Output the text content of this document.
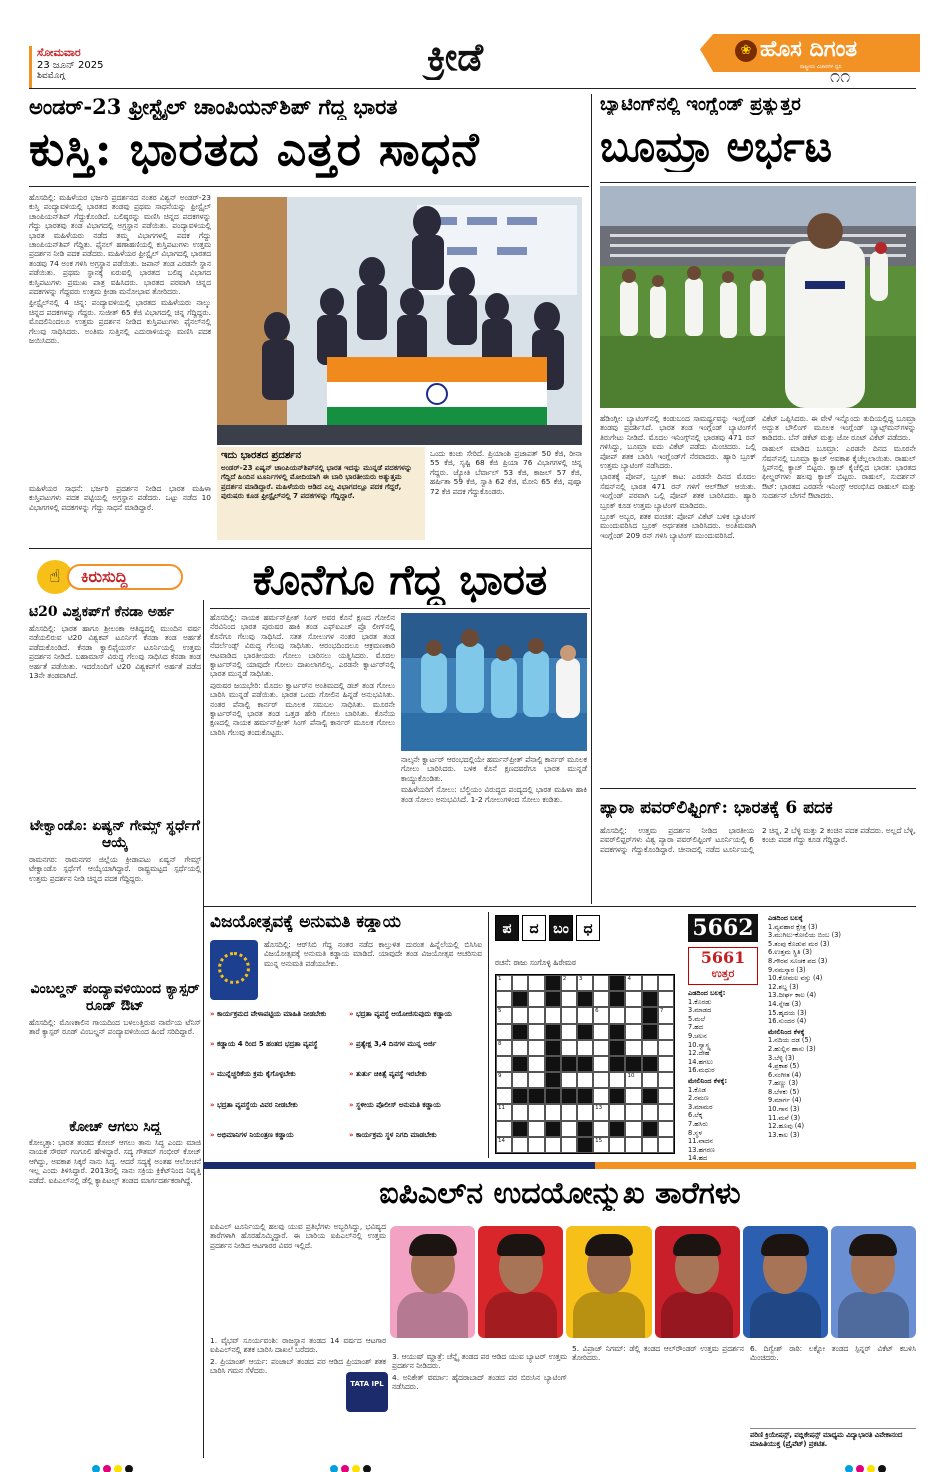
ಸೋಮವಾರ
23 ಜೂನ್ 2025
ಶಿವಮೊಗ್ಗ	ಕ್ರೀಡೆ	❀ ಹೊಸ ದಿಗಂತ
ರಾಷ್ಟ್ರೀಯ ವಿಚಾರಗಳ ಧ್ವನಿ
೧೧
ಅಂಡರ್-23 ಫ್ರೀಸ್ಟೈಲ್ ಚಾಂಪಿಯನ್‌ಶಿಪ್ ಗೆದ್ದ ಭಾರತ
ಕುಸ್ತಿ: ಭಾರತದ ಎತ್ತರ ಸಾಧನೆ
ಹೊಸದಿಲ್ಲಿ: ಮಹಿಳೆಯರ ಭರ್ಜರಿ ಪ್ರದರ್ಶನದ ನಂತರ ವಿಶ್ವನ್ ಅಂಡರ್-23 ಕುಸ್ತಿ ಪಂದ್ಯಾವಳಿಯಲ್ಲಿ ಭಾರತದ ತಂಡವು ಪ್ರಥಮ ಸಾಧನೆಯನ್ನು ಫ್ರೀಸ್ಟೈಲ್ ಚಾಂಪಿಯನ್‌ಶಿಪ್ ಗೆದ್ದುಕೊಂಡಿದೆ. ಬಲಿಷ್ಠರನ್ನು ಮಣಿಸಿ ಚಿನ್ನದ ಪದಕಗಳನ್ನು ಗೆದ್ದು ಭಾರತವು ತಂಡ ವಿಭಾಗದಲ್ಲಿ ಅಗ್ರಸ್ಥಾನ ಪಡೆಯಿತು. ಪಂದ್ಯಾವಳಿಯಲ್ಲಿ ಭಾರತ ಮಹಿಳೆಯರು ನಡೆದ ತಮ್ಮ ವಿಭಾಗಗಳಲ್ಲಿ ಪದಕ ಗೆದ್ದು ಚಾಂಪಿಯನ್‌ಶಿಪ್ ಗೆದ್ದಿತು. ಫೈನಲ್ ಹಣಾಹಣಿಯಲ್ಲಿ ಕುಸ್ತಿಪಟುಗಳು ಉತ್ತಮ ಪ್ರದರ್ಶನ ನೀಡಿ ಪದಕ ಪಡೆದರು. ಮಹಿಳೆಯರ ಫ್ರೀಸ್ಟೈಲ್ ವಿಭಾಗದಲ್ಲಿ ಭಾರತದ ತಂಡವು 74 ಅಂಕ ಗಳಿಸಿ ಅಗ್ರಸ್ಥಾನ ಪಡೆಯಿತು. ಜಪಾನ್ ತಂಡ ಎರಡನೇ ಸ್ಥಾನ ಪಡೆಯಿತು. ಪ್ರಥಮ ಸ್ಥಾನಕ್ಕೆ ಏರುವಲ್ಲಿ ಭಾರತದ ಬಲಿಷ್ಠ ವಿಭಾಗದ ಕುಸ್ತಿಪಟುಗಳು ಪ್ರಮುಖ ಪಾತ್ರ ವಹಿಸಿದರು. ಭಾರತದ ಪರವಾಗಿ ಚಿನ್ನದ ಪದಕಗಳನ್ನು ಗೆದ್ದವರು ಉತ್ತಮ ಕ್ರೀಡಾ ಮನೋಭಾವ ತೋರಿದರು.
ಫ್ರೀಸ್ಟೈಲ್‌ನಲ್ಲಿ 4 ಚಿನ್ನ: ಪಂದ್ಯಾವಳಿಯಲ್ಲಿ ಭಾರತದ ಮಹಿಳೆಯರು ನಾಲ್ಕು ಚಿನ್ನದ ಪದಕಗಳನ್ನು ಗೆದ್ದರು. ಸುಜೀತ್ 65 ಕೆಜಿ ವಿಭಾಗದಲ್ಲಿ ಚಿನ್ನ ಗೆದ್ದಿದ್ದರು. ಮೊದಲಿನಿಂದಲೂ ಉತ್ತಮ ಪ್ರದರ್ಶನ ನೀಡಿದ ಕುಸ್ತಿಪಟುಗಳು ಫೈನಲ್‌ನಲ್ಲಿ ಗೆಲುವು ಸಾಧಿಸಿದರು. ಅಂತಿಮ ಸುತ್ತಿನಲ್ಲಿ ಎದುರಾಳಿಯನ್ನು ಮಣಿಸಿ ಪದಕ ಜಯಿಸಿದರು.
ಮಹಿಳೆಯರ ಸಾಧನೆ: ಭರ್ಜರಿ ಪ್ರದರ್ಶನ ನೀಡಿದ ಭಾರತ ಮಹಿಳಾ ಕುಸ್ತಿಪಟುಗಳು ಪದಕ ಪಟ್ಟಿಯಲ್ಲಿ ಅಗ್ರಸ್ಥಾನ ಪಡೆದರು. ಒಟ್ಟು ನಡೆದ 10 ವಿಭಾಗಗಳಲ್ಲಿ ಪದಕಗಳನ್ನು ಗೆದ್ದು ಸಾಧನೆ ಮಾಡಿದ್ದಾರೆ.
ಇದು ಭಾರತದ ಪ್ರದರ್ಶನ
ಅಂಡರ್-23 ಏಷ್ಯನ್ ಚಾಂಪಿಯನ್‌ಶಿಪ್‌ನಲ್ಲಿ ಭಾರತ ಇದನ್ನು ಮುನ್ನಡೆ ಪದಕಗಳನ್ನು ಗೆದ್ದಿದೆ ಹಿಂದಿನ ಟೂರ್ನಿಗಳಲ್ಲಿ ಮೋದಿಯಾಗಿ ಈ ಬಾರಿ ಭಾರತೀಯರು ಅತ್ಯುತ್ತಮ ಪ್ರದರ್ಶನ ಮಾಡಿದ್ದಾರೆ. ಮಹಿಳೆಯರು ಆಡಿದ ಎಲ್ಲ ವಿಭಾಗದಲ್ಲೂ ಪದಕ ಗೆದ್ದರೆ, ಪುರುಷರು ಕೂಡ ಫ್ರೀಸ್ಟೈಲ್‌ನಲ್ಲಿ 7 ಪದಕಗಳನ್ನು ಗೆದ್ದಿದ್ದಾರೆ.
ಒಂದು ಕಂಚು ಸೇರಿದೆ. ಪ್ರಿಯಾಂಶಿ ಪ್ರಜಾಪತ್ 50 ಕೆಜಿ, ರೀನಾ 55 ಕೆಜಿ, ಸೃಷ್ಟಿ 68 ಕೆಜಿ ಪ್ರಿಯಾ 76 ವಿಭಾಗಗಳಲ್ಲಿ ಚಿನ್ನ ಗೆದ್ದರು. ಜ್ಯೋತಿ ಬೆರ್ವಾಲ್ 53 ಕೆಜಿ, ಕಾಜಲ್ 57 ಕೆಜಿ, ಹರ್ಷಿತಾ 59 ಕೆಜಿ, ಸ್ವಾತಿ 62 ಕೆಜಿ, ಮೋನಿ 65 ಕೆಜಿ, ಪುಷ್ಪಾ 72 ಕೆಜಿ ಪದಕ ಗೆದ್ದುಕೊಂಡರು.
ಬ್ಯಾಟಿಂಗ್‌ನಲ್ಲಿ ಇಂಗ್ಲೆಂಡ್ ಪ್ರತ್ಯುತ್ತರ
ಬೂಮ್ರಾ ಅರ್ಭಟ
ಹೆಡಿಂಗ್ಲೀ: ಬ್ಯಾಟಿಂಗ್‌ನಲ್ಲಿ ಕಂಡುಬಂದ ಸಾಮರ್ಥ್ಯವನ್ನು ಇಂಗ್ಲೆಂಡ್ ತಂಡವು ಪ್ರದರ್ಶಿಸಿದೆ. ಭಾರತ ತಂಡ ಇಂಗ್ಲೆಂಡ್ ಬ್ಯಾಟಿಂಗ್‌ಗೆ ತಿರುಗೇಟು ನೀಡಿದೆ. ಮೊದಲ ಇನಿಂಗ್ಸ್‌ನಲ್ಲಿ ಭಾರತವು 471 ರನ್ ಗಳಿಸಿದ್ದು, ಬೂಮ್ರಾ ಐದು ವಿಕೆಟ್ ಪಡೆದು ಮಿಂಚಿದರು. ಒಲ್ಲಿ ಪೋಪ್ ಶತಕ ಬಾರಿಸಿ ಇಂಗ್ಲೆಂಡ್‌ಗೆ ನೆರವಾದರು. ಹ್ಯಾರಿ ಬ್ರೂಕ್ ಉತ್ತಮ ಬ್ಯಾಟಿಂಗ್ ನಡೆಸಿದರು.
ಭಾರತಕ್ಕೆ ಪೋಪ್, ಬ್ರೂಕ್ ಕಾಟ: ಎರಡನೇ ದಿನದ ಮೊದಲ ಸೆಷನ್‌ನಲ್ಲಿ ಭಾರತ 471 ರನ್ ಗಳಿಗೆ ಆಲ್‌ಔಟ್ ಆಯಿತು. ಇಂಗ್ಲೆಂಡ್ ಪರವಾಗಿ ಒಲ್ಲಿ ಪೋಪ್ ಶತಕ ಬಾರಿಸಿದರು. ಹ್ಯಾರಿ ಬ್ರೂಕ್ ಕೂಡ ಉತ್ತಮ ಬ್ಯಾಟಿಂಗ್ ಮಾಡಿದರು.
ಬ್ರೂಕ್ ಅಬ್ಬರ, ಶತಕ ವಂಚಿತ: ಪೋಪ್ ವಿಕೆಟ್ ಬಳಿಕ ಬ್ಯಾಟಿಂಗ್ ಮುಂದುವರಿಸಿದ ಬ್ರೂಕ್ ಅರ್ಧಶತಕ ಬಾರಿಸಿದರು. ಅಂತಿಮವಾಗಿ ಇಂಗ್ಲೆಂಡ್ 209 ರನ್ ಗಳಿಸಿ ಬ್ಯಾಟಿಂಗ್ ಮುಂದುವರಿಸಿದೆ.
ವಿಕೆಟ್ ಒಪ್ಪಿಸಿದರು. ಈ ವೇಳೆ ಇನ್ನೊಂದು ತುದಿಯಲ್ಲಿದ್ದ ಬೂಮ್ರಾ ಅದ್ಭುತ ಬೌಲಿಂಗ್ ಮೂಲಕ ಇಂಗ್ಲೆಂಡ್ ಬ್ಯಾಟ್ಸ್‌ಮನ್‌ಗಳನ್ನು ಕಾಡಿದರು. ಬೆನ್ ಡಕೆಟ್ ಮತ್ತು ಜೋ ರೂಟ್ ವಿಕೆಟ್ ಪಡೆದರು.
ರಾಹುಲ್ ಮಾಡಿದ ಬೂಮ್ರಾ: ಎರಡನೇ ದಿನದ ಮೂರನೇ ಸೆಷನ್‌ನಲ್ಲಿ ಬೂಮ್ರಾ ಕ್ಯಾಚ್ ಅವಕಾಶ ಕೈಚೆಲ್ಲಲಾಯಿತು. ರಾಹುಲ್ ಸ್ಲಿಪ್‌ನಲ್ಲಿ ಕ್ಯಾಚ್ ಬಿಟ್ಟರು. ಕ್ಯಾಚ್ ಕೈಚೆಲ್ಲಿದ ಭಾರತ: ಭಾರತದ ಫೀಲ್ಡರ್‌ಗಳು ಹಲವು ಕ್ಯಾಚ್ ಬಿಟ್ಟರು. ರಾಹುಲ್, ಸುದರ್ಶನ್ ಔಟ್: ಭಾರತದ ಎರಡನೇ ಇನಿಂಗ್ಸ್ ಆರಂಭಿಸಿದ ರಾಹುಲ್ ಮತ್ತು ಸುದರ್ಶನ್ ಬೇಗನೆ ಔಟಾದರು.
ಪ್ಯಾರಾ ಪವರ್‌ಲಿಫ್ಟಿಂಗ್: ಭಾರತಕ್ಕೆ 6 ಪದಕ
ಹೊಸದಿಲ್ಲಿ: ಉತ್ತಮ ಪ್ರದರ್ಶನ ನೀಡಿದ ಭಾರತೀಯ ಪವರ್‌ಲಿಫ್ಟರ್‌ಗಳು ವಿಶ್ವ ಪ್ಯಾರಾ ಪವರ್‌ಲಿಫ್ಟಿಂಗ್ ಟೂರ್ನಿಯಲ್ಲಿ 6 ಪದಕಗಳನ್ನು ಗೆದ್ದುಕೊಂಡಿದ್ದಾರೆ. ಚೀನಾದಲ್ಲಿ ನಡೆದ ಟೂರ್ನಿಯಲ್ಲಿ 2 ಚಿನ್ನ, 2 ಬೆಳ್ಳಿ ಮತ್ತು 2 ಕಂಚಿನ ಪದಕ ಪಡೆದರು. ಅಲ್ಲದೆ ಬೆಳ್ಳಿ, ಕಂಚು ಪದಕ ಗೆದ್ದು ಕೂಡ ಗೆದ್ದಿದ್ದಾರೆ.
☝	ಕಿರುಸುದ್ದಿ
ಟಿ20 ವಿಶ್ವಕಪ್‌ಗೆ ಕೆನಡಾ ಅರ್ಹ
ಹೊಸದಿಲ್ಲಿ: ಭಾರತ ಹಾಗೂ ಶ್ರೀಲಂಕಾ ಆತಿಥ್ಯದಲ್ಲಿ ಮುಂದಿನ ವರ್ಷ ನಡೆಯಲಿರುವ ಟಿ20 ವಿಶ್ವಕಪ್ ಟೂರ್ನಿಗೆ ಕೆನಡಾ ತಂಡ ಅರ್ಹತೆ ಪಡೆದುಕೊಂಡಿದೆ. ಕೆನಡಾ ಕ್ವಾಲಿಫೈಯರ್ಸ್ ಟೂರ್ನಿಯಲ್ಲಿ ಉತ್ತಮ ಪ್ರದರ್ಶನ ನೀಡಿದೆ. ಬಹಾಮಾಸ್ ವಿರುದ್ಧ ಗೆಲುವು ಸಾಧಿಸಿದ ಕೆನಡಾ ತಂಡ ಅರ್ಹತೆ ಪಡೆಯಿತು. ಇದರೊಂದಿಗೆ ಟಿ20 ವಿಶ್ವಕಪ್‌ಗೆ ಅರ್ಹತೆ ಪಡೆದ 13ನೇ ತಂಡವಾಗಿದೆ.
ಟೇಕ್ವಾಂಡೊ: ಏಷ್ಯನ್ ಗೇಮ್ಸ್ ಸ್ಥರ್ಧೆಗೆ ಆಯ್ಕೆ
ರಾಮನಗರ: ರಾಮನಗರ ಜಿಲ್ಲೆಯ ಕ್ರೀಡಾಪಟು ಏಷ್ಯನ್ ಗೇಮ್ಸ್ ಟೇಕ್ವಾಂಡೊ ಸ್ಪರ್ಧೆಗೆ ಆಯ್ಕೆಯಾಗಿದ್ದಾರೆ. ರಾಷ್ಟ್ರಮಟ್ಟದ ಸ್ಪರ್ಧೆಯಲ್ಲಿ ಉತ್ತಮ ಪ್ರದರ್ಶನ ನೀಡಿ ಚಿನ್ನದ ಪದಕ ಗೆದ್ದಿದ್ದರು.
ವಿಂಬಲ್ಡನ್ ಪಂದ್ಯಾವಳಿಯಿಂದ ಕ್ಯಾಸ್ಪರ್ ರೂಡ್ ಔಟ್
ಹೊಸದಿಲ್ಲಿ: ಮೊಣಕಾಲಿನ ಗಾಯದಿಂದ ಬಳಲುತ್ತಿರುವ ನಾರ್ವೆಯ ಟೆನಿಸ್ ತಾರೆ ಕ್ಯಾಸ್ಪರ್ ರೂಡ್ ವಿಂಬಲ್ಡನ್ ಪಂದ್ಯಾವಳಿಯಿಂದ ಹಿಂದೆ ಸರಿದಿದ್ದಾರೆ.
ಕೋಚ್ ಆಗಲು ಸಿದ್ಧ
ಕೋಲ್ಕತ್ತಾ: ಭಾರತ ತಂಡದ ಕೋಚ್ ಆಗಲು ತಾನು ಸಿದ್ಧ ಎಂದು ಮಾಜಿ ನಾಯಕ ಸೌರವ್ ಗಂಗೂಲಿ ಹೇಳಿದ್ದಾರೆ. ಸದ್ಯ ಗೌತಮ್ ಗಂಭೀರ್ ಕೋಚ್ ಆಗಿದ್ದು, ಅವಕಾಶ ಸಿಕ್ಕರೆ ನಾನು ಸಿದ್ಧ. ಆದರೆ ಸದ್ಯಕ್ಕೆ ಅಂತಹ ಆಲೋಚನೆ ಇಲ್ಲ ಎಂದು ತಿಳಿಸಿದ್ದಾರೆ. 2013ರಲ್ಲಿ ನಾನು ಸಕ್ರಿಯ ಕ್ರಿಕೆಟ್‌ನಿಂದ ನಿವೃತ್ತಿ ಪಡೆದೆ. ಐಪಿಎಲ್‌ನಲ್ಲಿ ಡೆಲ್ಲಿ ಕ್ಯಾಪಿಟಲ್ಸ್ ತಂಡದ ಮಾರ್ಗದರ್ಶಕರಾಗಿದ್ದೆ.
ಕೊನೆಗೂ ಗೆದ್ದ ಭಾರತ
ಹೊಸದಿಲ್ಲಿ: ನಾಯಕ ಹರ್ಮನ್‌ಪ್ರೀತ್ ಸಿಂಗ್ ಅವರ ಕೊನೆ ಕ್ಷಣದ ಗೋಲಿನ ನೆರವಿನಿಂದ ಭಾರತ ಪುರುಷರ ಹಾಕಿ ತಂಡ ಎಫ್ಐಎಚ್ ಪ್ರೊ ಲೀಗ್‌ನಲ್ಲಿ ಕೊನೆಗೂ ಗೆಲುವು ಸಾಧಿಸಿದೆ. ಸತತ ಸೋಲುಗಳ ನಂತರ ಭಾರತ ತಂಡ ನೆದರ್ಲೆಂಡ್ಸ್ ವಿರುದ್ಧ ಗೆಲುವು ಸಾಧಿಸಿತು. ಆರಂಭದಿಂದಲೂ ಆಕ್ರಮಣಕಾರಿ ಆಟವಾಡಿದ ಭಾರತೀಯರು ಗೋಲು ಬಾರಿಸಲು ಯತ್ನಿಸಿದರು. ಮೊದಲ ಕ್ವಾರ್ಟರ್‌ನಲ್ಲಿ ಯಾವುದೇ ಗೋಲು ದಾಖಲಾಗಲಿಲ್ಲ. ಎರಡನೇ ಕ್ವಾರ್ಟರ್‌ನಲ್ಲಿ ಭಾರತ ಮುನ್ನಡೆ ಸಾಧಿಸಿತು.
ಪುರುಷರ ಜಯಭೇರಿ: ಮೊದಲ ಕ್ವಾರ್ಟರ್‌ನ ಅಂತಿಮದಲ್ಲಿ ಡಚ್ ತಂಡ ಗೋಲು ಬಾರಿಸಿ ಮುನ್ನಡೆ ಪಡೆಯಿತು. ಭಾರತ ಒಂದು ಗೋಲಿನ ಹಿನ್ನಡೆ ಅನುಭವಿಸಿತು. ನಂತರ ಪೆನಾಲ್ಟಿ ಕಾರ್ನರ್ ಮೂಲಕ ಸಮಬಲ ಸಾಧಿಸಿತು. ಮೂರನೇ ಕ್ವಾರ್ಟರ್‌ನಲ್ಲಿ ಭಾರತ ತಂಡ ಒತ್ತಡ ಹೇರಿ ಗೋಲು ಬಾರಿಸಿತು. ಕೊನೆಯ ಕ್ಷಣದಲ್ಲಿ ನಾಯಕ ಹರ್ಮನ್‌ಪ್ರೀತ್ ಸಿಂಗ್ ಪೆನಾಲ್ಟಿ ಕಾರ್ನರ್ ಮೂಲಕ ಗೋಲು ಬಾರಿಸಿ ಗೆಲುವು ತಂದುಕೊಟ್ಟರು.
ನಾಲ್ಕನೇ ಕ್ವಾರ್ಟರ್ ಆರಂಭದಲ್ಲಿಯೇ ಹರ್ಮನ್‌ಪ್ರೀತ್ ಪೆನಾಲ್ಟಿ ಕಾರ್ನರ್ ಮೂಲಕ ಗೋಲು ಬಾರಿಸಿದರು. ಬಳಿಕ ಕೊನೆ ಕ್ಷಣದವರೆಗೂ ಭಾರತ ಮುನ್ನಡೆ ಕಾಯ್ದುಕೊಂಡಿತು.
ಮಹಿಳೆಯರಿಗೆ ಸೋಲು: ಬೆಲ್ಜಿಯಂ ವಿರುದ್ಧದ ಪಂದ್ಯದಲ್ಲಿ ಭಾರತ ಮಹಿಳಾ ಹಾಕಿ ತಂಡ ಸೋಲು ಅನುಭವಿಸಿದೆ. 1-2 ಗೋಲುಗಳಿಂದ ಸೋಲು ಕಂಡಿತು.
ವಿಜಯೋತ್ಸವಕ್ಕೆ ಅನುಮತಿ ಕಡ್ಡಾಯ
ಹೊಸದಿಲ್ಲಿ: ಆರ್‌ಸಿಬಿ ಗೆದ್ದ ನಂತರ ನಡೆದ ಕಾಲ್ತುಳಿತ ದುರಂತ ಹಿನ್ನೆಲೆಯಲ್ಲಿ ಬಿಸಿಸಿಐ ವಿಜಯೋತ್ಸವಕ್ಕೆ ಅನುಮತಿ ಕಡ್ಡಾಯ ಮಾಡಿದೆ. ಯಾವುದೇ ತಂಡ ವಿಜಯೋತ್ಸವ ಆಚರಿಸುವ ಮುನ್ನ ಅನುಮತಿ ಪಡೆಯಬೇಕು.
» ಕಾರ್ಯಕ್ರಮದ ವೇಳಾಪಟ್ಟಿಯ ಮಾಹಿತಿ ನೀಡಬೇಕು	» ಭದ್ರತಾ ವ್ಯವಸ್ಥೆ ಆಯೋಜಿಸುವುದು ಕಡ್ಡಾಯ
» ಕಡ್ಡಾಯ 4 ರಿಂದ 5 ಹಂತದ ಭದ್ರತಾ ವ್ಯವಸ್ಥೆ	» ಪ್ರತ್ಯೇಕ್ಷ 3,4 ದಿನಗಳ ಮುನ್ನ ಅರ್ಜಿ
» ಮುನ್ನೆಚ್ಚರಿಕೆಯ ಕ್ರಮ ಕೈಗೊಳ್ಳಬೇಕು	» ತುರ್ತು ಚಿಕಿತ್ಸೆ ವ್ಯವಸ್ಥೆ ಇರಬೇಕು
» ಭದ್ರತಾ ವ್ಯವಸ್ಥೆಯ ವಿವರ ನೀಡಬೇಕು	» ಸ್ಥಳೀಯ ಪೊಲೀಸ್ ಅನುಮತಿ ಕಡ್ಡಾಯ
» ಅಭಿಮಾನಿಗಳ ನಿಯಂತ್ರಣ ಕಡ್ಡಾಯ	» ಕಾರ್ಯಕ್ರಮ ಸ್ಥಳ ನಿಗದಿ ಮಾಡಬೇಕು
ಪ	ದ	ಬಂ	ಧ
ರಚನೆ: ರಾಜು ಸಂಗೊಳ್ಳಿ ಹಿರೇಮಠ
1	2 3	4
5	6	7
8
9	10
11	13
14	15
5662
5661
ಉತ್ತರ
ಎಡದಿಂದ ಬಲಕ್ಕೆ:
1.ಕೊರಡು
3.ಮಾಡದ
5.ಮಲೆ
7.ಹದ
9.ಚಲನ
10.ಸ್ವಾಸ್ಥ್ಯ
12.ದೇಹ
14.ಹಗಲು
16.ಮಧುರ
ಮೇಲಿನಿಂದ ಕೆಳಕ್ಕೆ:
1.ಕೊಡ
2.ರಮಣ
3.ಮಾಮರ
6.ಲೆಕ್ಕ
7.ಹಸಿರು
8.ಸ್ಥಳ
11.ವಾದನ
13.ಹಗರಣ
14.ಹದ
ಎಡದಿಂದ ಬಲಕ್ಕೆ
1.ವ್ಯವಹಾರ ಕ್ಷೇತ್ರ (3)
3.ಮುಗಿಲು-ಕೋಲಿಯ ಬಿಂಬ (3)
5.ತಂಪು ಕೊಡುವ ಮರ (3)
6.ಉತ್ತಮ ಸ್ಥಿತಿ (3)
8.ಗೌರವ ಸೂಚಕ ಪದ (3)
9.ನಮಸ್ಕಾರ (3)
10.ಕೋಮಲ ವಸ್ತು (4)
12.ಶಬ್ದ (3)
13.ದೀರ್ಘ ಕಾಲ (4)
14.ಸ್ನೇಹ (3)
15.ಹೃದಯ (3)
16.ಸುಂದರ (4)
ಮೇಲಿನಿಂದ ಕೆಳಕ್ಕೆ
1.ನದಿಯ ದಡ (5)
2.ಹುಲ್ಲಿನ ಹಾಸು (3)
3.ಬೆಳ್ಳಿ (3)
4.ಪ್ರಕಾಶ (5)
6.ಸಂಗೀತ (4)
7.ಹಣ್ಣು (3)
8.ಬೆಳಕು (5)
9.ಮಾರ್ಗ (4)
10.ಗಾನ (3)
11.ಮನೆ (3)
12.ಹೂವು (4)
13.ಕಾಲ (3)
ಐಪಿಎಲ್‌ನ ಉದಯೋನ್ಮುಖ ತಾರೆಗಳು
ಐಪಿಎಲ್ ಟೂರ್ನಿಯಲ್ಲಿ ಹಲವು ಯುವ ಪ್ರತಿಭೆಗಳು ಅಬ್ಬರಿಸಿದ್ದು, ಭವಿಷ್ಯದ ತಾರೆಗಳಾಗಿ ಹೊರಹೊಮ್ಮಿದ್ದಾರೆ. ಈ ಬಾರಿಯ ಐಪಿಎಲ್‌ನಲ್ಲಿ ಉತ್ತಮ ಪ್ರದರ್ಶನ ನೀಡಿದ ಆಟಗಾರರ ವಿವರ ಇಲ್ಲಿದೆ.
1. ವೈಭವ್ ಸೂರ್ಯವಂಶಿ: ರಾಜಸ್ಥಾನ ತಂಡದ 14 ವರ್ಷದ ಆಟಗಾರ ಐಪಿಎಲ್‌ನಲ್ಲಿ ಶತಕ ಬಾರಿಸಿ ದಾಖಲೆ ಬರೆದರು.
2. ಪ್ರಿಯಾಂಶ್ ಆರ್ಯ: ಪಂಜಾಬ್ ತಂಡದ ಪರ ಆಡಿದ ಪ್ರಿಯಾಂಶ್ ಶತಕ ಬಾರಿಸಿ ಗಮನ ಸೆಳೆದರು.
TATA IPL
3. ಆಯುಷ್ ಮ್ಹಾತ್ರೆ: ಚೆನ್ನೈ ತಂಡದ ಪರ ಆಡಿದ ಯುವ ಬ್ಯಾಟರ್ ಉತ್ತಮ ಪ್ರದರ್ಶನ ನೀಡಿದರು.
4. ಅನಿಕೇತ್ ವರ್ಮಾ: ಹೈದರಾಬಾದ್ ತಂಡದ ಪರ ಬಿರುಸಿನ ಬ್ಯಾಟಿಂಗ್ ನಡೆಸಿದರು.
5. ವಿಪ್ರಾಜ್ ನಿಗಮ್: ಡೆಲ್ಲಿ ತಂಡದ ಆಲ್‌ರೌಂಡರ್ ಉತ್ತಮ ಪ್ರದರ್ಶನ ತೋರಿದರು.
6. ದಿಗ್ವೇಶ್ ರಾಠಿ: ಲಕ್ನೋ ತಂಡದ ಸ್ಪಿನ್ನರ್ ವಿಕೆಟ್ ಕಬಳಿಸಿ ಮಿಂಚಿದರು.
ಪರಿಣಿ ಕ್ರಿಯೇಷನ್ಸ್, ಪಬ್ಲಿಕೇಷನ್ಸ್ ಮಾಧ್ಯಮ ವಿದ್ಯಾಭಾರತಿ ವಿವೇಕಾನಂದ ಮಾಹಿತಿಯುಕ್ತ (ಪ್ರೈವೆಟ್) ಪ್ರಕಟಿತ.
